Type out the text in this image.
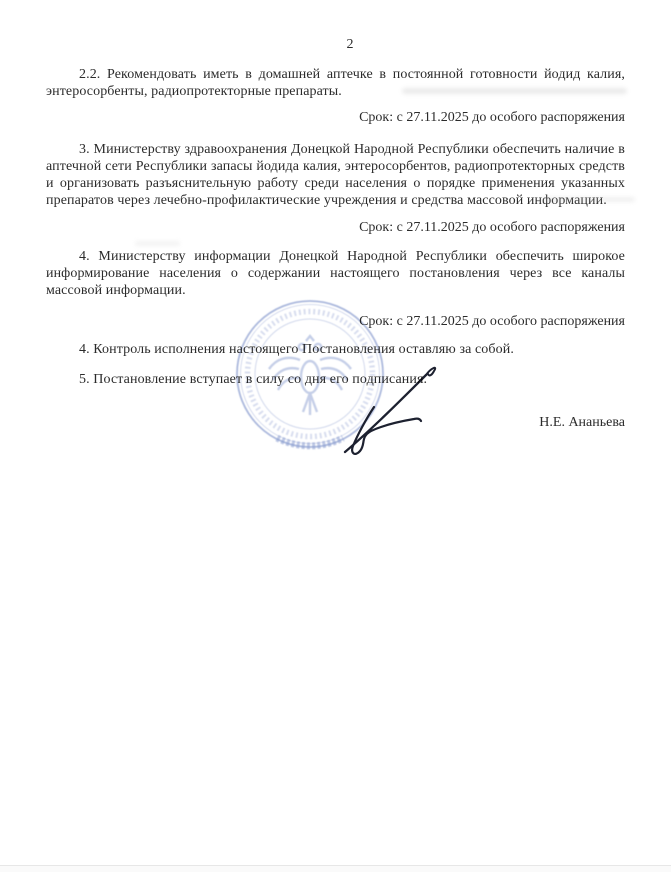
2
2.2. Рекомендовать иметь в домашней аптечке в постоянной готовности йодид калия, энтеросорбенты, радиопротекторные препараты.
Срок: с 27.11.2025 до особого распоряжения
3. Министерству здравоохранения Донецкой Народной Республики обеспечить наличие в аптечной сети Республики запасы йодида калия, энтеросорбентов, радиопротекторных средств и организовать разъяснительную работу среди населения о порядке применения указанных препаратов через лечебно-профилактические учреждения и средства массовой информации.
Срок: с 27.11.2025 до особого распоряжения
4. Министерству информации Донецкой Народной Республики обеспечить широкое информирование населения о содержании настоящего постановления через все каналы массовой информации.
Срок: с 27.11.2025 до особого распоряжения
4. Контроль исполнения настоящего Постановления оставляю за собой.
5. Постановление вступает в силу со дня его подписания.
Н.Е. Ананьева
